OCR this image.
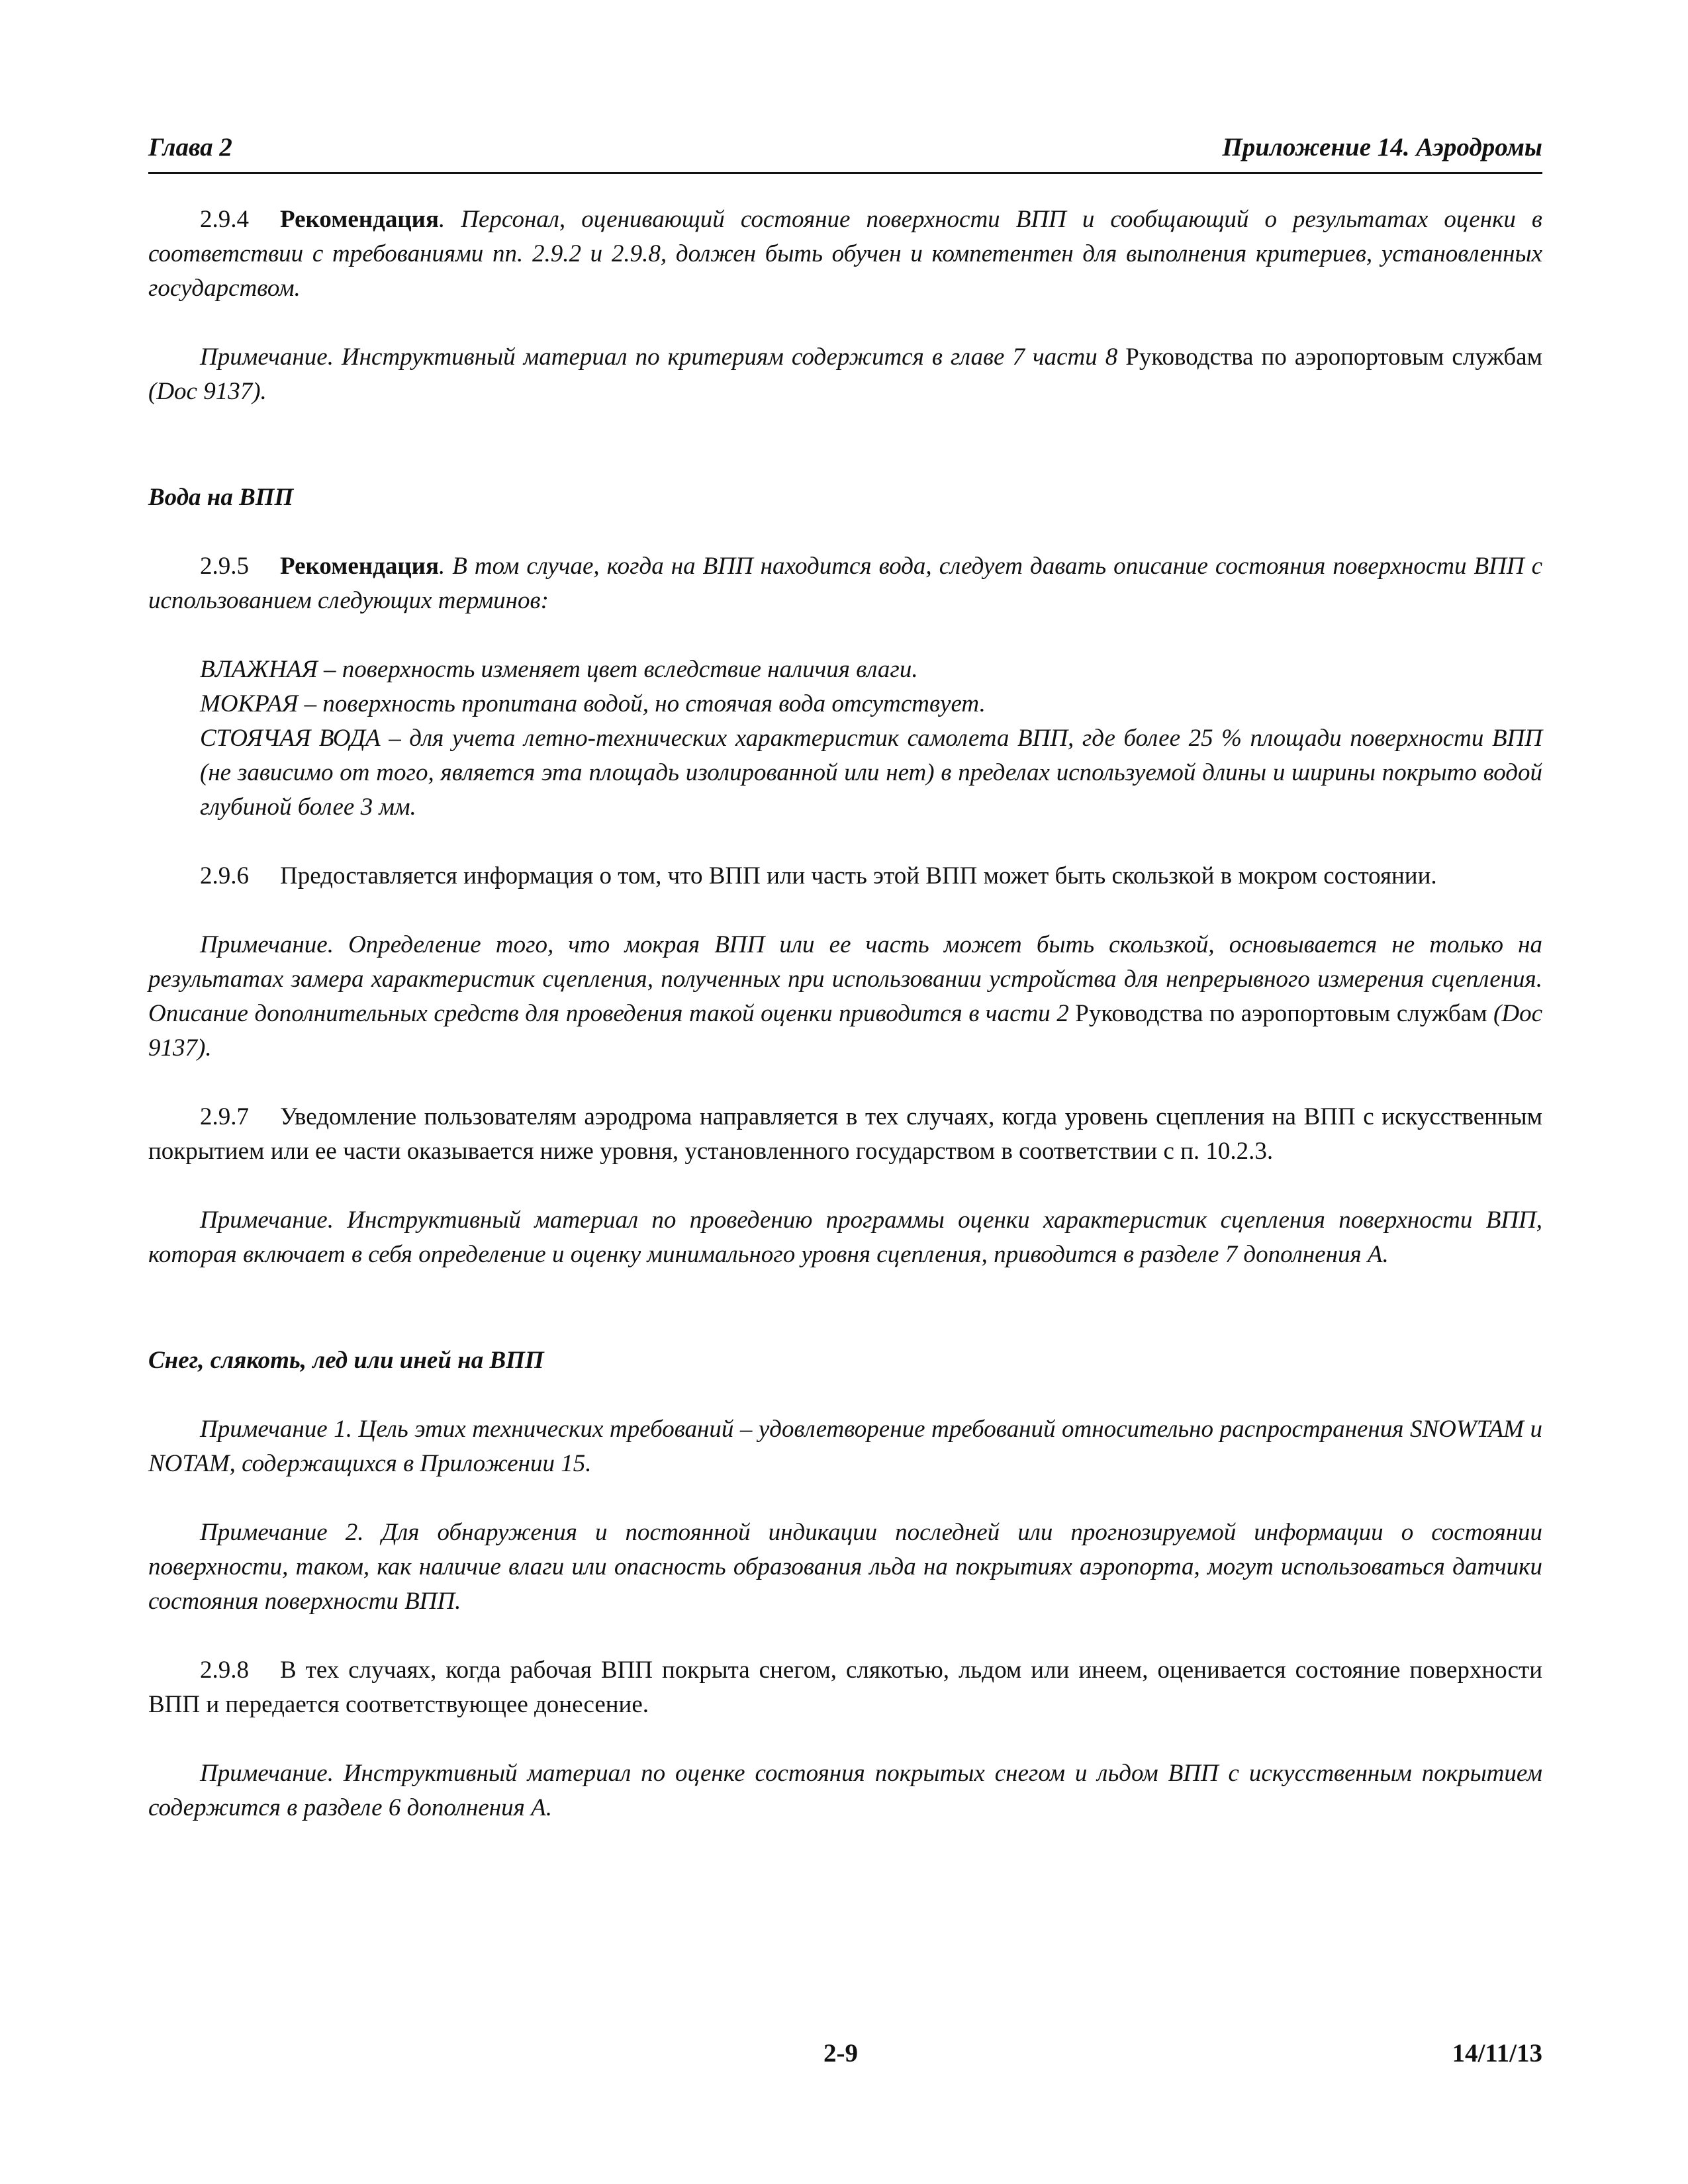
Глава 2	Приложение 14. Аэродромы

2.9.4 Рекомендация. Персонал, оценивающий состояние поверхности ВПП и сообщающий о результатах оценки в соответствии с требованиями пп. 2.9.2 и 2.9.8, должен быть обучен и компетентен для выполнения критериев, установленных государством.

Примечание. Инструктивный материал по критериям содержится в главе 7 части 8 Руководства по аэропортовым службам (Doc 9137).

Вода на ВПП

2.9.5 Рекомендация. В том случае, когда на ВПП находится вода, следует давать описание состояния поверхности ВПП с использованием следующих терминов:

ВЛАЖНАЯ – поверхность изменяет цвет вследствие наличия влаги.

МОКРАЯ – поверхность пропитана водой, но стоячая вода отсутствует.

СТОЯЧАЯ ВОДА – для учета летно-технических характеристик самолета ВПП, где более 25 % площади поверхности ВПП (не зависимо от того, является эта площадь изолированной или нет) в пределах используемой длины и ширины покрыто водой глубиной более 3 мм.

2.9.6 Предоставляется информация о том, что ВПП или часть этой ВПП может быть скользкой в мокром состоянии.

Примечание. Определение того, что мокрая ВПП или ее часть может быть скользкой, основывается не только на результатах замера характеристик сцепления, полученных при использовании устройства для непрерывного измерения сцепления. Описание дополнительных средств для проведения такой оценки приводится в части 2 Руководства по аэропортовым службам (Doc 9137).

2.9.7 Уведомление пользователям аэродрома направляется в тех случаях, когда уровень сцепления на ВПП с искусственным покрытием или ее части оказывается ниже уровня, установленного государством в соответствии с п. 10.2.3.

Примечание. Инструктивный материал по проведению программы оценки характеристик сцепления поверхности ВПП, которая включает в себя определение и оценку минимального уровня сцепления, приводится в разделе 7 дополнения А.

Снег, слякоть, лед или иней на ВПП

Примечание 1. Цель этих технических требований – удовлетворение требований относительно распространения SNOWTAM и NOTAM, содержащихся в Приложении 15.

Примечание 2. Для обнаружения и постоянной индикации последней или прогнозируемой информации о состоянии поверхности, таком, как наличие влаги или опасность образования льда на покрытиях аэропорта, могут использоваться датчики состояния поверхности ВПП.

2.9.8 В тех случаях, когда рабочая ВПП покрыта снегом, слякотью, льдом или инеем, оценивается состояние поверхности ВПП и передается соответствующее донесение.

Примечание. Инструктивный материал по оценке состояния покрытых снегом и льдом ВПП с искусственным покрытием содержится в разделе 6 дополнения А.

2-9	14/11/13
